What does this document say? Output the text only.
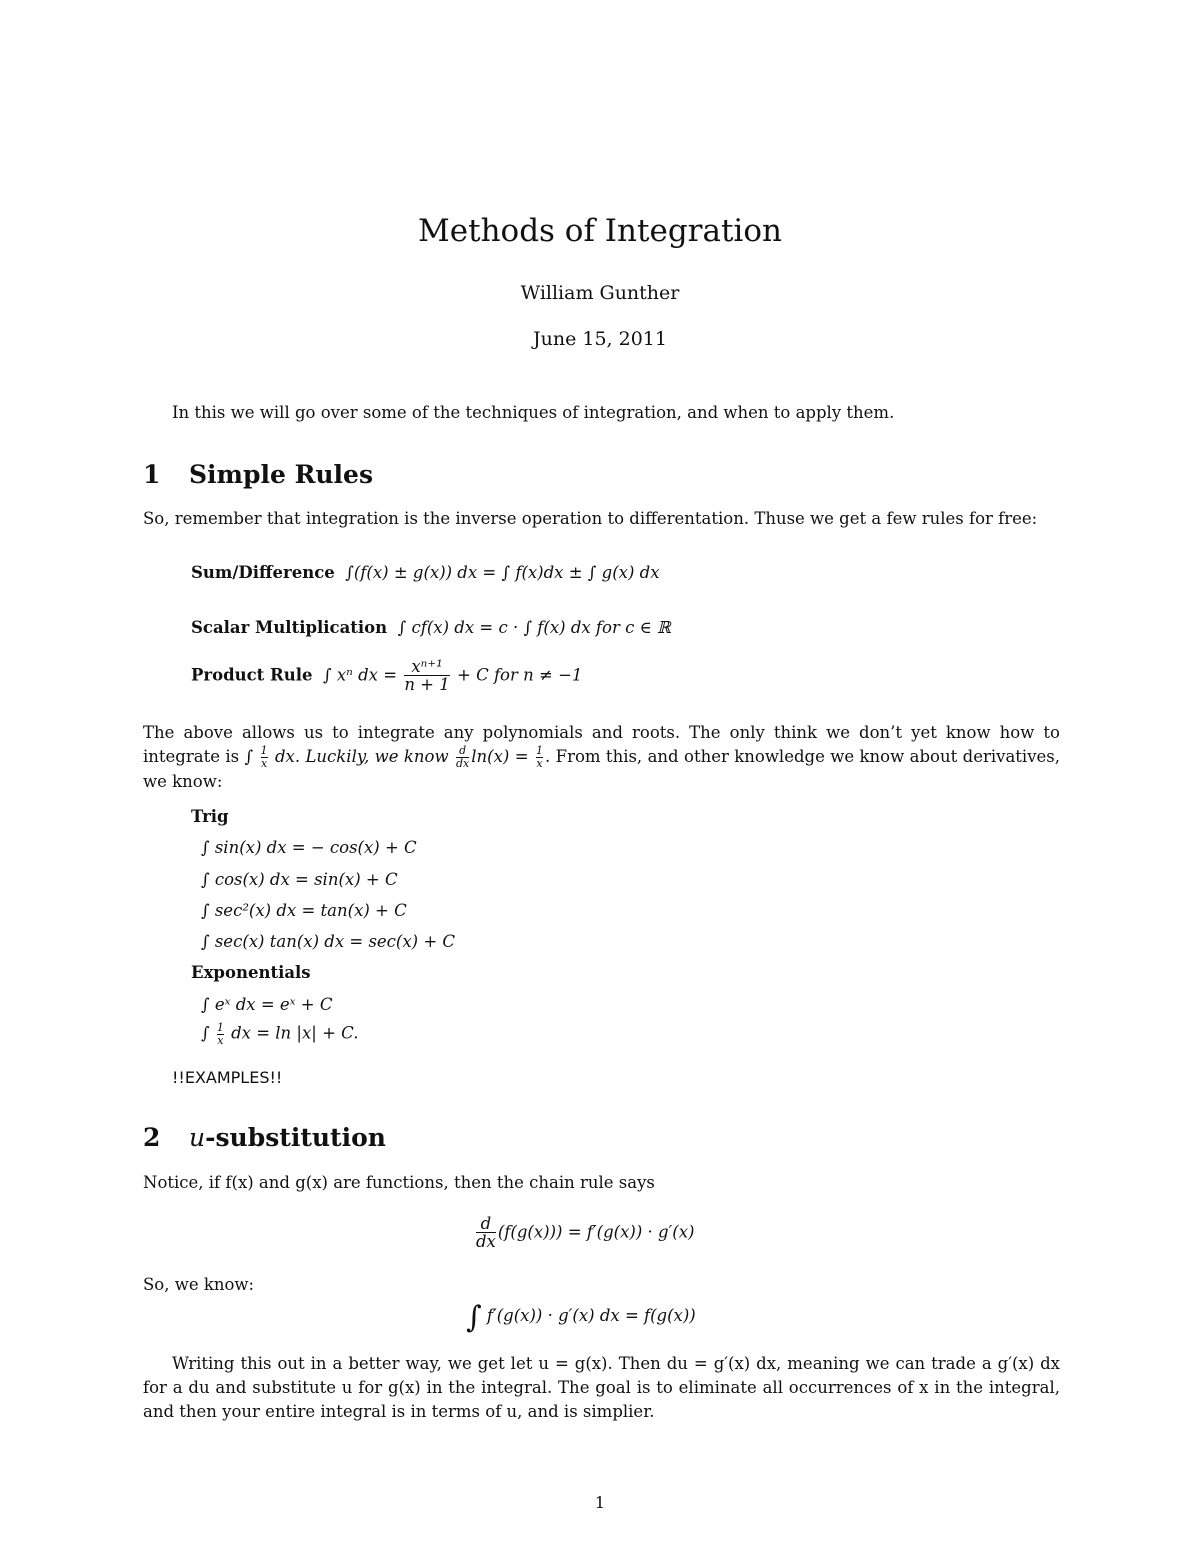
Methods of Integration
William Gunther
June 15, 2011
In this we will go over some of the techniques of integration, and when to apply them.
1 Simple Rules
So, remember that integration is the inverse operation to differentation. Thuse we get a few rules for free:
Sum/Difference ∫(f(x) ± g(x)) dx = ∫ f(x)dx ± ∫ g(x) dx
Scalar Multiplication ∫ cf(x) dx = c · ∫ f(x) dx for c ∈ ℝ
Product Rule ∫ xⁿ dx = $\frac{\text{xⁿ⁺¹}}{n + 1} + C$ for n ≠ −1
The above allows us to integrate any polynomials and roots. The only think we don’t yet know how to integrate is ∫ $\frac{1}{x}$ dx. Luckily, we know $\frac{d}{dx} \ln(x) = \frac{1}{x}$ . From this, and other knowledge we know about derivatives, we know:
Trig
∫ sin(x) dx = − cos(x) + C
∫ cos(x) dx = sin(x) + C
∫ sec²(x) dx = tan(x) + C
∫ sec(x) tan(x) dx = sec(x) + C
Exponentials
∫ eˣ dx = eˣ + C
∫ $\frac{1}{x}$ dx = ln |x| + C.
!!EXAMPLES!!
2 u-substitution
Notice, if f(x) and g(x) are functions, then the chain rule says
$\frac{d}{dx} (f(g(x))) = f'(g(x)) \cdot g'(x)$
So, we know:
∫ f′(g(x)) · g′(x) dx = f(g(x))
Writing this out in a better way, we get let u = g(x). Then du = g′(x) dx, meaning we can trade a g′(x) dx for a du and substitute u for g(x) in the integral. The goal is to eliminate all occurrences of x in the integral, and then your entire integral is in terms of u, and is simplier.
1
